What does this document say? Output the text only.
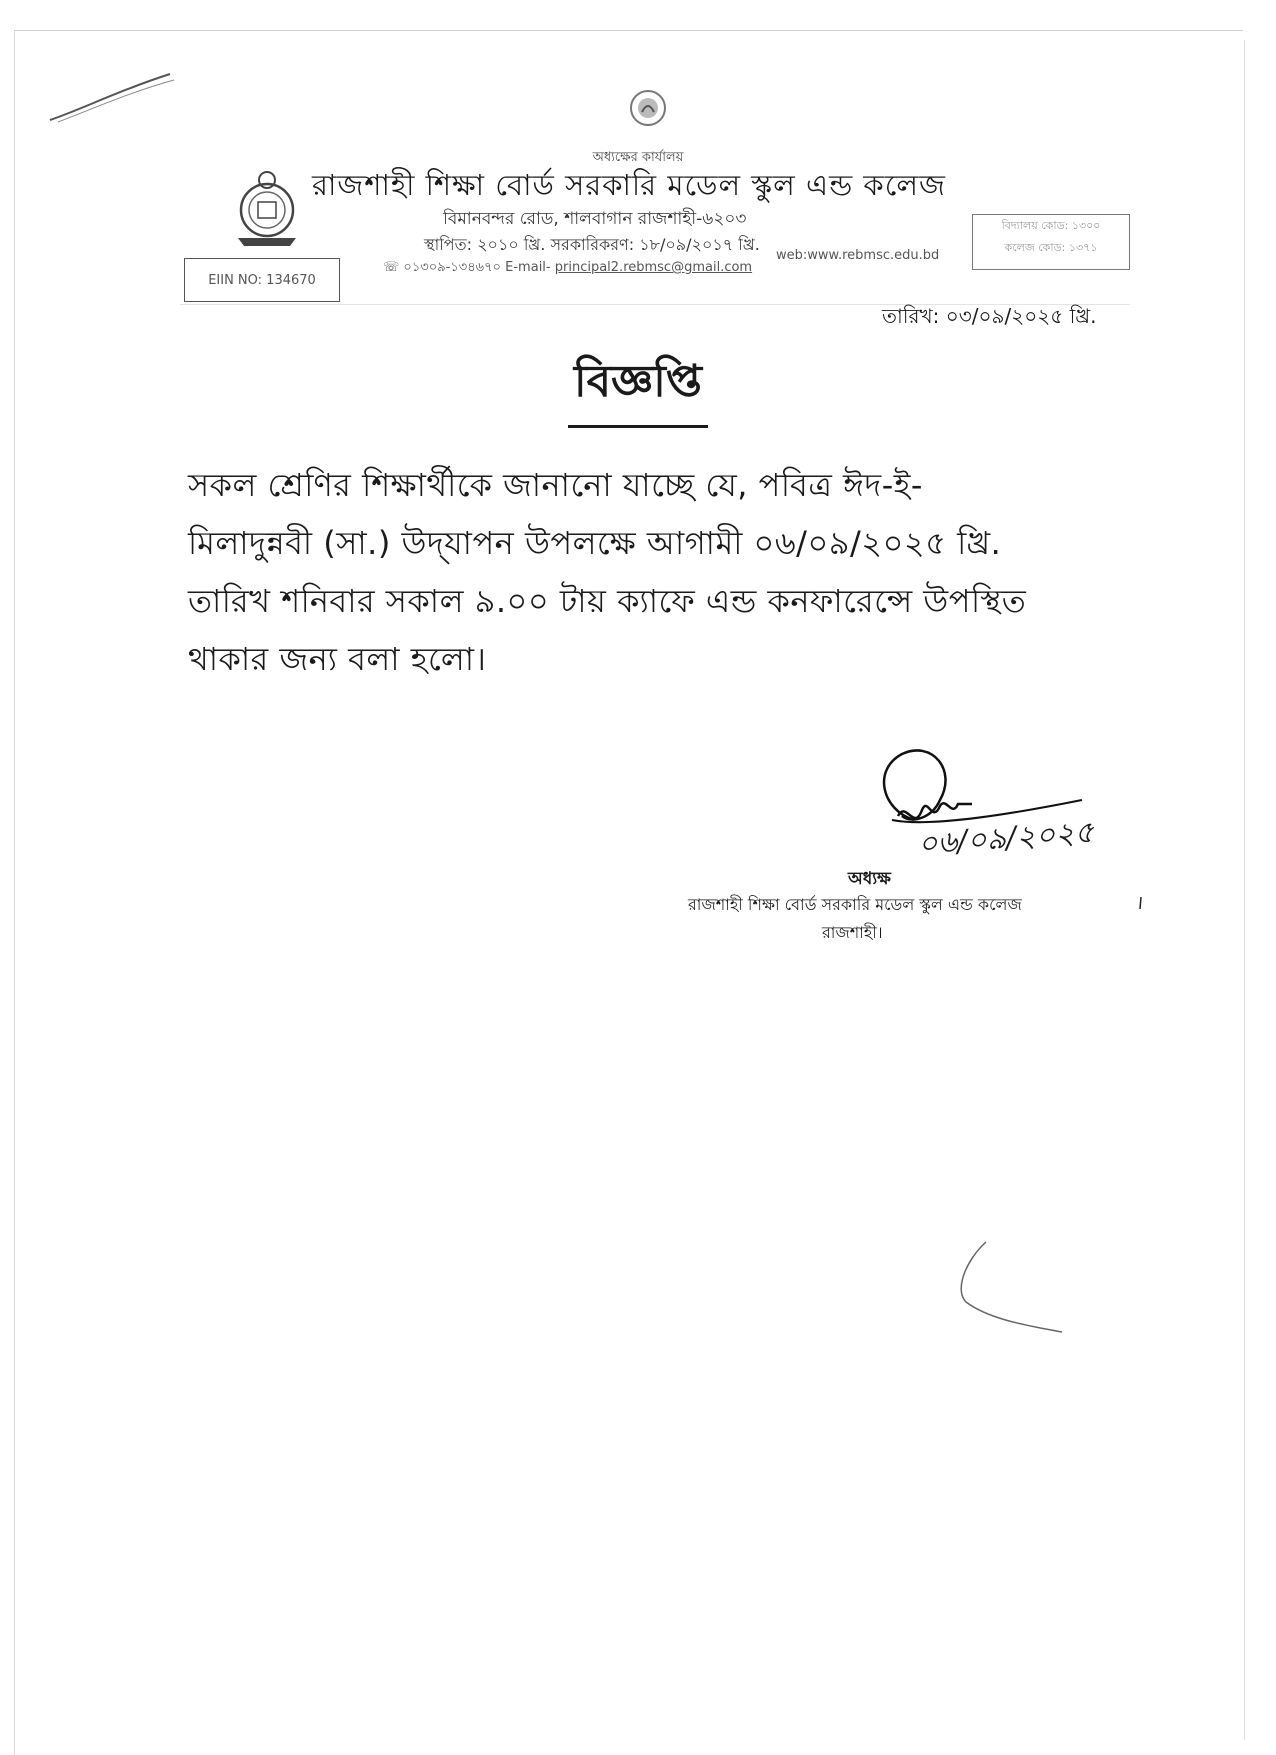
অধ্যক্ষের কার্যালয়
রাজশাহী শিক্ষা বোর্ড সরকারি মডেল স্কুল এন্ড কলেজ
বিমানবন্দর রোড, শালবাগান রাজশাহী-৬২০৩
স্থাপিত: ২০১০ খ্রি. সরকারিকরণ: ১৮/০৯/২০১৭ খ্রি.
☏ ০১৩০৯-১৩৪৬৭০ E-mail- principal2.rebmsc@gmail.com
web:www.rebmsc.edu.bd
EIIN NO: 134670
বিদ্যালয় কোড: ১৩০০
কলেজ কোড: ১৩৭১
তারিখ: ০৩/০৯/২০২৫ খ্রি.
বিজ্ঞপ্তি
সকল শ্রেণির শিক্ষার্থীকে জানানো যাচ্ছে যে, পবিত্র ঈদ-ই-
মিলাদুন্নবী (সা.) উদ্‌যাপন উপলক্ষে আগামী ০৬/০৯/২০২৫ খ্রি.
তারিখ শনিবার সকাল ৯.০০ টায় ক্যাফে এন্ড কনফারেন্সে উপস্থিত
থাকার জন্য বলা হলো।
০৬/০৯/২০২৫
অধ্যক্ষ
রাজশাহী শিক্ষা বোর্ড সরকারি মডেল স্কুল এন্ড কলেজ
রাজশাহী।
